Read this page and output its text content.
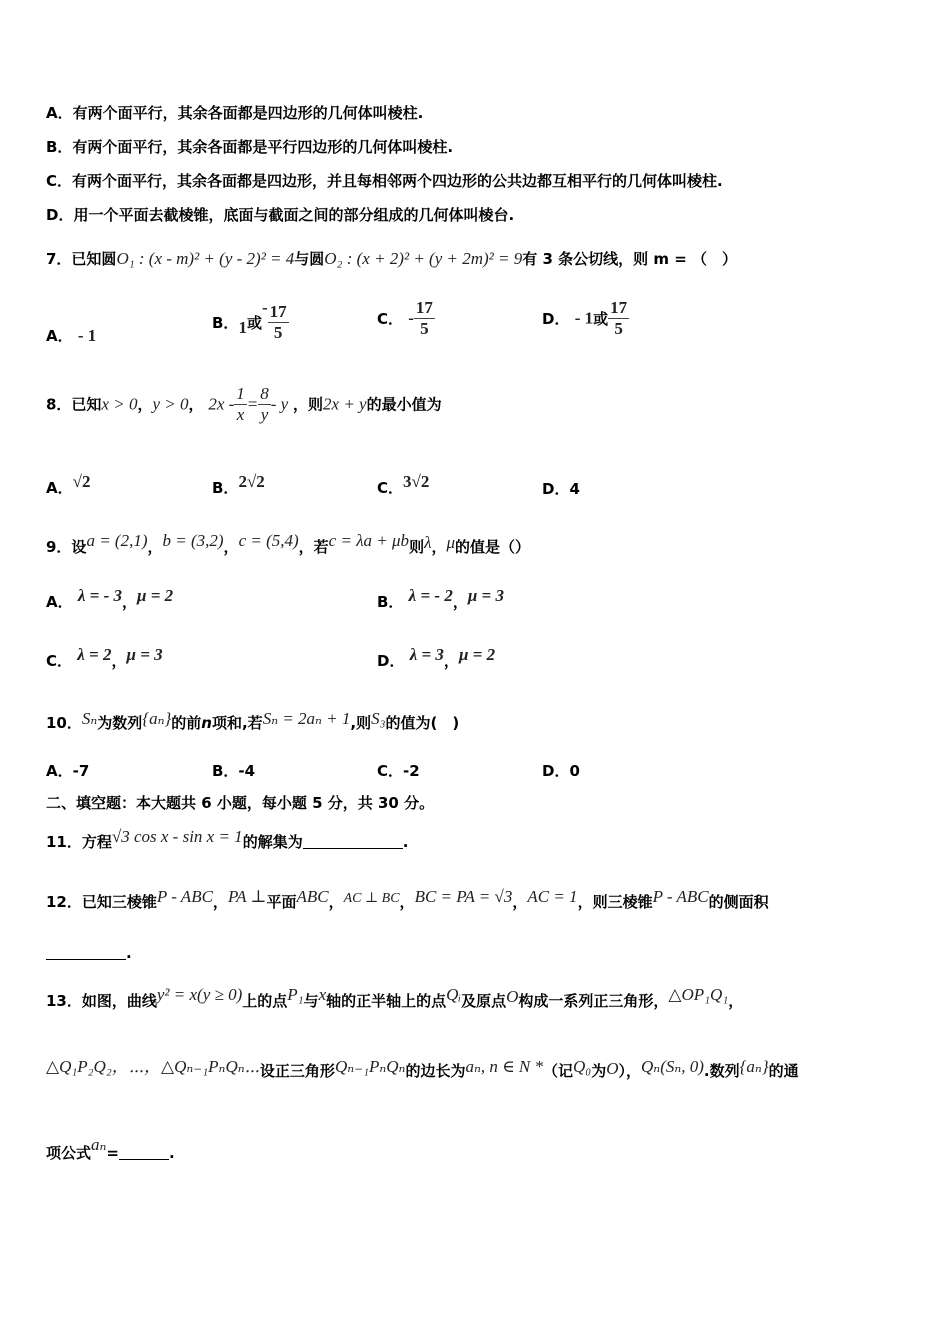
A．有两个面平行，其余各面都是四边形的几何体叫棱柱.
B．有两个面平行，其余各面都是平行四边形的几何体叫棱柱.
C．有两个面平行，其余各面都是四边形，并且每相邻两个四边形的公共边都互相平行的几何体叫棱柱.
D．用一个平面去截棱锥，底面与截面之间的部分组成的几何体叫棱台.
7．已知圆O₁ : (x - m)² + (y - 2)² = 4与圆O₂ : (x + 2)² + (y + 2m)² = 9有 3 条公切线，则 m = （　）
A． - 1
B．1或- $\frac{17}{5}$	C． - $\frac{17}{5}$	D． - 1或 $\frac{17}{5}$
8．已知x > 0，y > 0， $2x - \frac{1}{x} = \frac{8}{y} - y$ ，则2x + y的最小值为
A．√2	B．2√2	C．3√2	D．4
9．设a = (2,1)，b = (3,2)，c = (5,4)，若c = λa + μb则λ，μ的值是（）
A． λ = - 3，μ = 2	B． λ = - 2，μ = 3
C． λ = 2，μ = 3	D． λ = 3，μ = 2
10．Sₙ为数列{aₙ}的前n项和,若Sₙ = 2aₙ + 1,则S₃的值为(　)
A．-7	B．-4	C．-2	D．0
二、填空题：本大题共 6 小题，每小题 5 分，共 30 分。
11．方程√3 cos x - sin x = 1的解集为	.
12．已知三棱锥P - ABC，PA ⊥平面ABC，AC ⊥ BC，BC = PA = √3，AC = 1，则三棱锥P - ABC的侧面积
.
13．如图，曲线y² = x(y ≥ 0)上的点P₁与x轴的正半轴上的点Qᵢ及原点O构成一系列正三角形，△OP₁Q₁，
△Q₁P₂Q₂，⋯，△Qₙ₋₁PₙQₙ⋯设正三角形Qₙ₋₁PₙQₙ的边长为aₙ, n ∈ N *（记Q₀为O），Qₙ(Sₙ, 0).数列{aₙ}的通
项公式aₙ=	.
